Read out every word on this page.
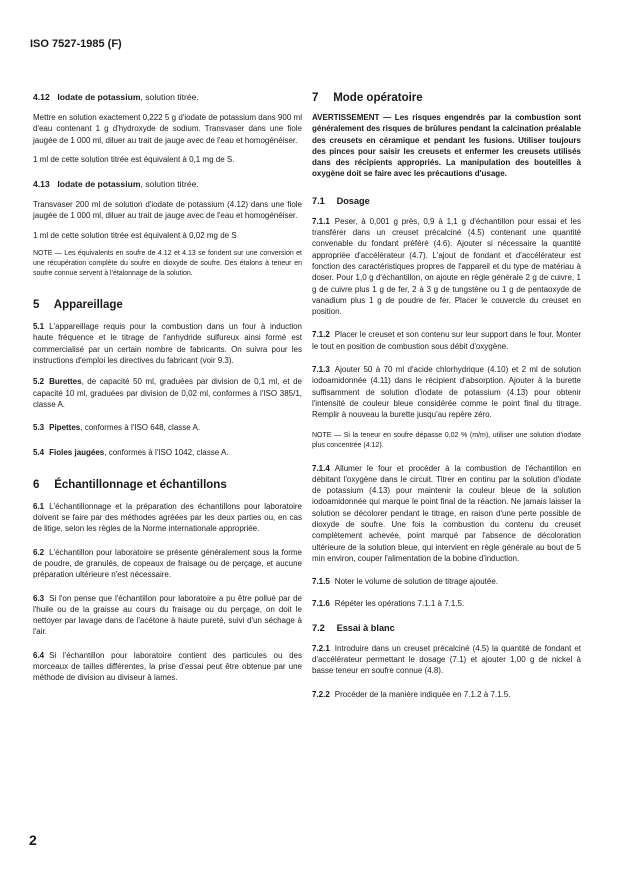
ISO 7527-1985 (F)
4.12 Iodate de potassium, solution titrée.

Mettre en solution exactement 0,222 5 g d'iodate de potassium dans 900 ml d'eau contenant 1 g d'hydroxyde de sodium. Transvaser dans une fiole jaugée de 1 000 ml, diluer au trait de jauge avec de l'eau et homogénéiser.

1 ml de cette solution titrée est équivalent à 0,1 mg de S.

4.13 Iodate de potassium, solution titrée.

Transvaser 200 ml de solution d'iodate de potassium (4.12) dans une fiole jaugée de 1 000 ml, diluer au trait de jauge avec de l'eau et homogénéiser.

1 ml de cette solution titrée est équivalent à 0,02 mg de S

NOTE — Les équivalents en soufre de 4.12 et 4.13 se fondent sur une conversion et une récupération complète du soufre en dioxyde de soufre. Des étalons à teneur en soufre connue servent à l'étalonnage de la solution.

5 Appareillage

5.1 L'appareillage requis pour la combustion dans un four à induction haute fréquence et le titrage de l'anhydride sulfureux ainsi formé est commercialisé par un certain nombre de fabricants. On suivra pour les instructions d'emploi les directives du fabricant (voir 9.3).

5.2 Burettes, de capacité 50 ml, graduées par division de 0,1 ml, et de capacité 10 ml, graduées par division de 0,02 ml, conformes à l'ISO 385/1, classe A.

5.3 Pipettes, conformes à l'ISO 648, classe A.

5.4 Fioles jaugées, conformes à l'ISO 1042, classe A.

6 Échantillonnage et échantillons

6.1 L'échantillonnage et la préparation des échantillons pour laboratoire doivent se faire par des méthodes agréées par les deux parties ou, en cas de litige, selon les règles de la Norme internationale appropriée.

6.2 L'échantillon pour laboratoire se présente généralement sous la forme de poudre, de granulés, de copeaux de fraisage ou de perçage, et aucune préparation ultérieure n'est nécessaire.

6.3 Si l'on pense que l'échantillon pour laboratoire a pu être pollué par de l'huile ou de la graisse au cours du fraisage ou du perçage, on doit le nettoyer par lavage dans de l'acétone à haute pureté, suivi d'un séchage à l'air.

6.4 Si l'échantillon pour laboratoire contient des particules ou des morceaux de tailles différentes, la prise d'essai peut être obtenue par une méthode de division au diviseur à lames.

7 Mode opératoire

AVERTISSEMENT — Les risques engendrés par la combustion sont généralement des risques de brûlures pendant la calcination préalable des creusets en céramique et pendant les fusions. Utiliser toujours des pinces pour saisir les creusets et enfermer les creusets utilisés dans des récipients appropriés. La manipulation des bouteilles à oxygène doit se faire avec les précautions d'usage.

7.1 Dosage

7.1.1 Peser, à 0,001 g près, 0,9 à 1,1 g d'échantillon pour essai et les transférer dans un creuset précalciné (4.5) contenant une quantité convenable du fondant préféré (4.6). Ajouter si nécessaire la quantité appropriée d'accélérateur (4.7). L'ajout de fondant et d'accélérateur est fonction des caractéristiques propres de l'appareil et du type de matériau à doser. Pour 1,0 g d'échantillon, on ajoute en règle générale 2 g de cuivre, 1 g de cuivre plus 1 g de fer, 2 à 3 g de tungstène ou 1 g de pentaoxyde de vanadium plus 1 g de poudre de fer. Placer le couvercle du creuset en position.

7.1.2 Placer le creuset et son contenu sur leur support dans le four. Monter le tout en position de combustion sous débit d'oxygène.

7.1.3 Ajouter 50 à 70 ml d'acide chlorhydrique (4.10) et 2 ml de solution iodoamidonnée (4.11) dans le récipient d'absorption. Ajouter à la burette suffisamment de solution d'iodate de potassium (4.13) pour obtenir l'intensité de couleur bleue considérée comme le point final du titrage. Remplir à nouveau la burette jusqu'au repère zéro.

NOTE — Si la teneur en soufre dépasse 0,02 % (m/m), utiliser une solution d'iodate plus concentrée (4.12).

7.1.4 Allumer le four et procéder à la combustion de l'échantillon en débitant l'oxygène dans le circuit. Titrer en continu par la solution d'iodate de potassium (4.13) pour maintenir la couleur bleue de la solution iodoamidonnée qui marque le point final de la réaction. Ne jamais laisser la solution se décolorer pendant le titrage, en raison d'une perte possible de dioxyde de soufre. Une fois la combustion du contenu du creuset complètement achevée, point marqué par l'absence de décoloration ultérieure de la solution bleue, qui intervient en règle générale au bout de 5 min environ, couper l'alimentation de la bobine d'induction.

7.1.5 Noter le volume de solution de titrage ajoutée.

7.1.6 Répéter les opérations 7.1.1 à 7.1.5.

7.2 Essai à blanc

7.2.1 Introduire dans un creuset précalciné (4.5) la quantité de fondant et d'accélérateur permettant le dosage (7.1) et ajouter 1,00 g de nickel à basse teneur en soufre connue (4.8).

7.2.2 Procéder de la manière indiquée en 7.1.2 à 7.1.5.

2
